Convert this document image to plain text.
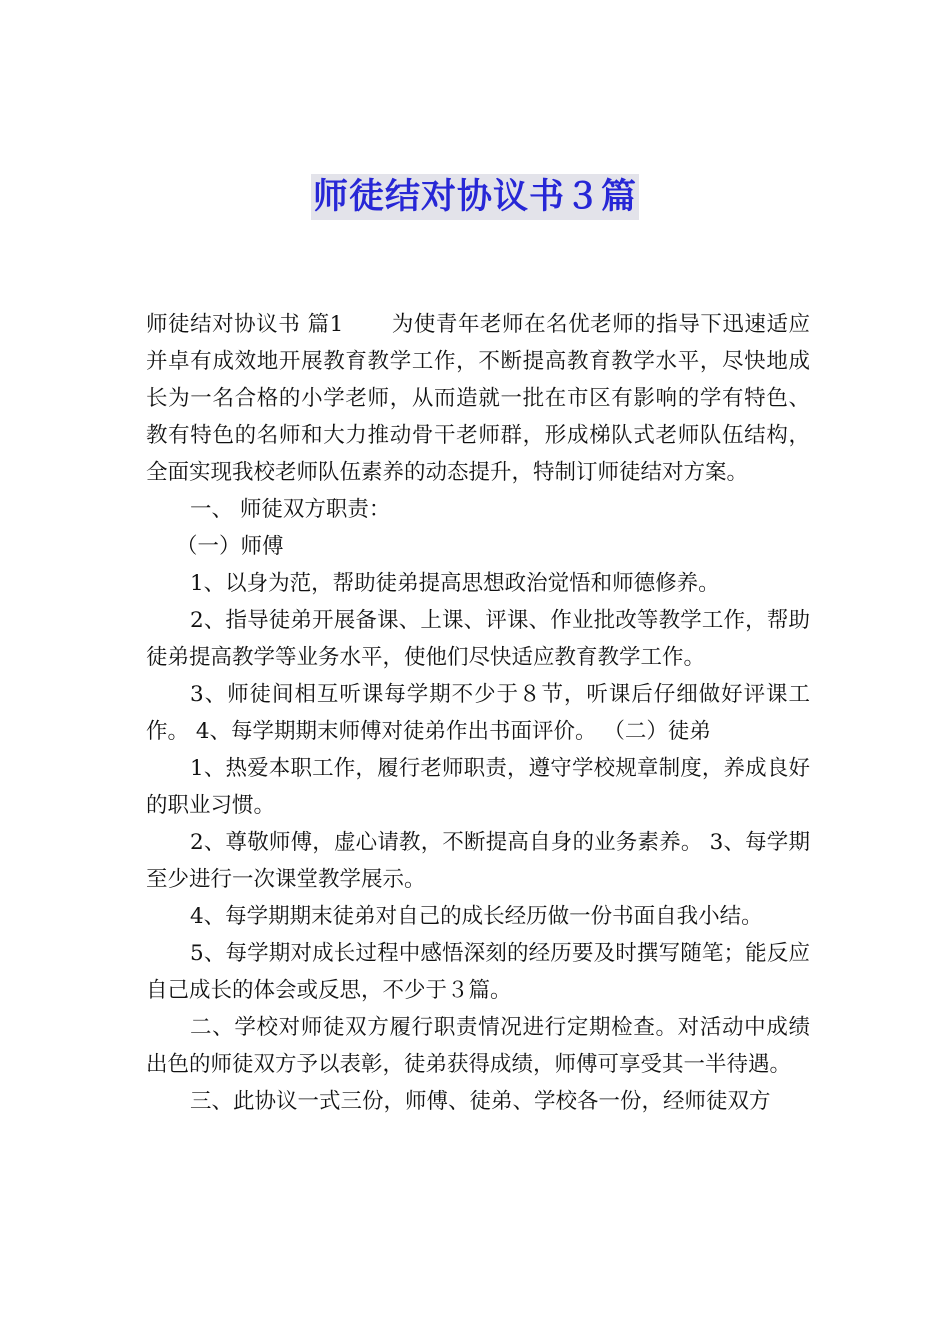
师徒结对协议书３篇

师徒结对协议书 篇1 为使青年老师在名优老师的指导下迅速适应并卓有成效地开展教育教学工作，不断提高教育教学水平，尽快地成长为一名合格的小学老师，从而造就一批在市区有影响的学有特色、教有特色的名师和大力推动骨干老师群，形成梯队式老师队伍结构，全面实现我校老师队伍素养的动态提升，特制订师徒结对方案。

一、 师徒双方职责：

（一）师傅

1、以身为范，帮助徒弟提高思想政治觉悟和师德修养。

2、指导徒弟开展备课、上课、评课、作业批改等教学工作，帮助徒弟提高教学等业务水平，使他们尽快适应教育教学工作。

3、师徒间相互听课每学期不少于８节，听课后仔细做好评课工作。 4、每学期期末师傅对徒弟作出书面评价。 （二）徒弟

1、热爱本职工作，履行老师职责，遵守学校规章制度，养成良好的职业习惯。

2、尊敬师傅，虚心请教，不断提高自身的业务素养。 3、每学期至少进行一次课堂教学展示。

4、每学期期末徒弟对自己的成长经历做一份书面自我小结。

5、每学期对成长过程中感悟深刻的经历要及时撰写随笔；能反应自己成长的体会或反思，不少于３篇。

二、学校对师徒双方履行职责情况进行定期检查。对活动中成绩出色的师徒双方予以表彰，徒弟获得成绩，师傅可享受其一半待遇。

三、此协议一式三份，师傅、徒弟、学校各一份，经师徒双方
